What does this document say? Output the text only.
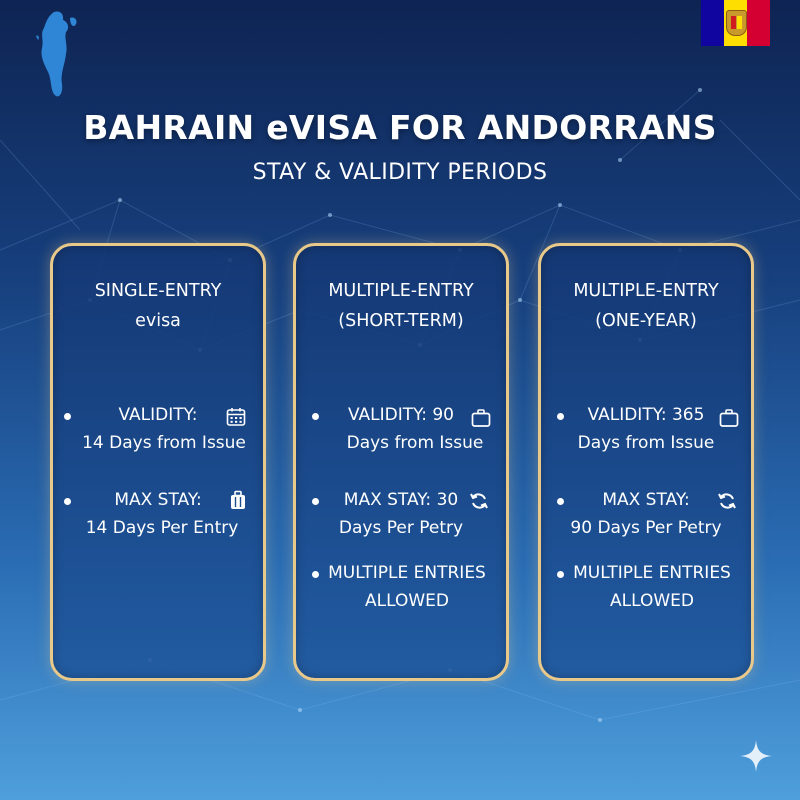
BAHRAIN eVISA FOR ANDORRANS
STAY & VALIDITY PERIODS
SINGLE-ENTRY
evisa
VALIDITY:
14 Days from Issue
MAX STAY:
14 Days Per Entry
MULTIPLE-ENTRY
(SHORT-TERM)
VALIDITY: 90
Days from Issue
MAX STAY: 30
Days Per Petry
MULTIPLE ENTRIES
ALLOWED
MULTIPLE-ENTRY
(ONE-YEAR)
VALIDITY: 365
Days from Issue
MAX STAY:
90 Days Per Petry
MULTIPLE ENTRIES
ALLOWED
